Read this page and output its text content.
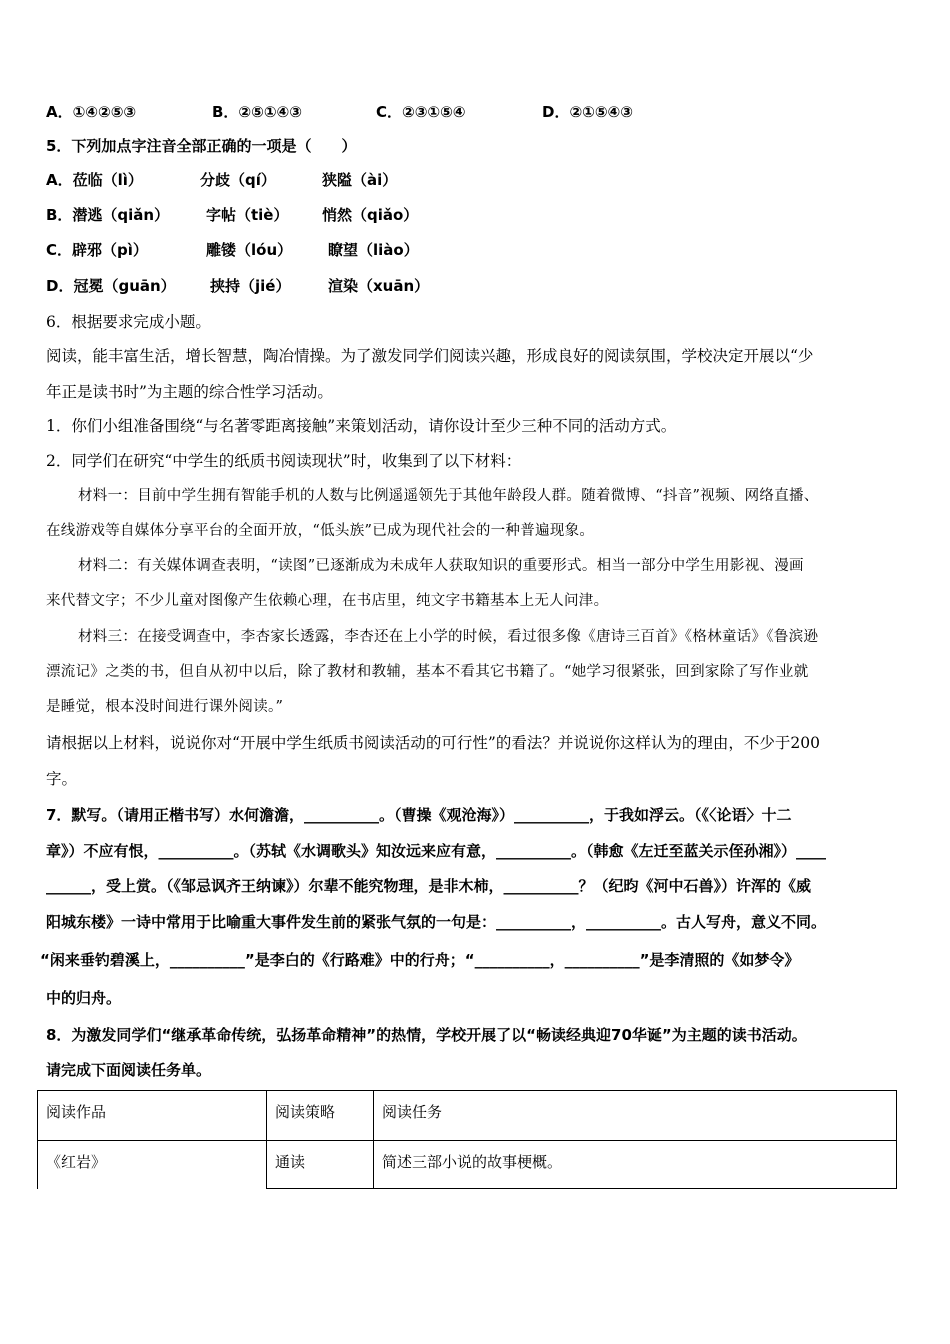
A．①④②⑤③	B．②⑤①④③	C．②③①⑤④	D．②①⑤④③
5．下列加点字注音全部正确的一项是（　　）
A．莅临（lì）	分歧（qí）	狭隘（ài）
B．潜逃（qiǎn） 字帖（tiè） 悄然（qiǎo）
C．辟邪（pì）	雕镂（lóu） 瞭望（liào）
D．冠冕（guān） 挟持（jié）	渲染（xuān）
6．根据要求完成小题。
阅读，能丰富生活，增长智慧，陶冶情操。为了激发同学们阅读兴趣，形成良好的阅读氛围，学校决定开展以“少
年正是读书时”为主题的综合性学习活动。
1．你们小组准备围绕“与名著零距离接触”来策划活动，请你设计至少三种不同的活动方式。
2．同学们在研究“中学生的纸质书阅读现状”时，收集到了以下材料：
材料一：目前中学生拥有智能手机的人数与比例遥遥领先于其他年龄段人群。随着微博、“抖音”视频、网络直播、
在线游戏等自媒体分享平台的全面开放，“低头族”已成为现代社会的一种普遍现象。
材料二：有关媒体调查表明，“读图”已逐渐成为未成年人获取知识的重要形式。相当一部分中学生用影视、漫画
来代替文字；不少儿童对图像产生依赖心理，在书店里，纯文字书籍基本上无人问津。
材料三：在接受调查中，李杏家长透露，李杏还在上小学的时候，看过很多像《唐诗三百首》《格林童话》《鲁滨逊
漂流记》之类的书，但自从初中以后，除了教材和教辅，基本不看其它书籍了。“她学习很紧张，回到家除了写作业就
是睡觉，根本没时间进行课外阅读。”
请根据以上材料，说说你对“开展中学生纸质书阅读活动的可行性”的看法？并说说你这样认为的理由，不少于200
字。
7．默写。（请用正楷书写）水何澹澹，__________。（曹操《观沧海》）__________，于我如浮云。（《〈论语〉十二
章》）不应有恨，__________。（苏轼《水调歌头》知汝远来应有意，__________。（韩愈《左迁至蓝关示侄孙湘》）____
______，受上赏。（《邹忌讽齐王纳谏》）尔辈不能究物理，是非木柿，__________？（纪昀《河中石兽》）许浑的《威
阳城东楼》一诗中常用于比喻重大事件发生前的紧张气氛的一句是：__________，__________。古人写舟，意义不同。
“闲来垂钓碧溪上，__________”是李白的《行路难》中的行舟；“__________，__________”是李清照的《如梦令》
中的归舟。
8．为激发同学们“继承革命传统，弘扬革命精神”的热情，学校开展了以“畅读经典迎70华诞”为主题的读书活动。
请完成下面阅读任务单。
阅读作品	阅读策略	阅读任务
《红岩》	通读	简述三部小说的故事梗概。
